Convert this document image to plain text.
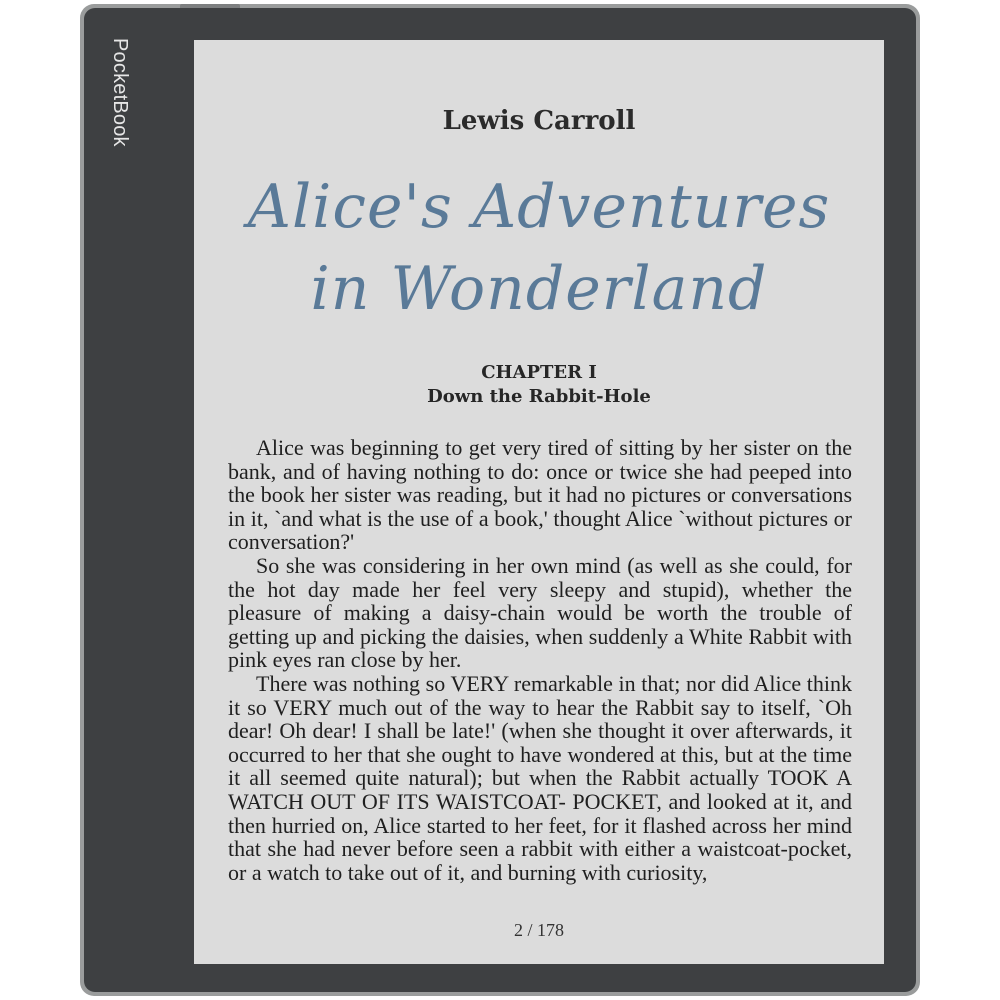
PocketBook	Lewis Carroll
Alice's Adventures
in Wonderland
CHAPTER I
Down the Rabbit-Hole

Alice was beginning to get very tired of sitting by her sister on the bank, and of having nothing to do: once or twice she had peeped into the book her sister was reading, but it had no pictures or conversations in it, `and what is the use of a book,' thought Alice `without pictures or conversation?'

So she was considering in her own mind (as well as she could, for the hot day made her feel very sleepy and stupid), whether the pleasure of making a daisy-chain would be worth the trouble of getting up and picking the daisies, when suddenly a White Rabbit with pink eyes ran close by her.

There was nothing so VERY remarkable in that; nor did Alice think it so VERY much out of the way to hear the Rabbit say to itself, `Oh dear! Oh dear! I shall be late!' (when she thought it over afterwards, it occurred to her that she ought to have wondered at this, but at the time it all seemed quite natural); but when the Rabbit actually TOOK A WATCH OUT OF ITS WAISTCOAT- POCKET, and looked at it, and then hurried on, Alice started to her feet, for it flashed across her mind that she had never before seen a rabbit with either a waistcoat-pocket, or a watch to take out of it, and burning with curiosity,

2 / 178
